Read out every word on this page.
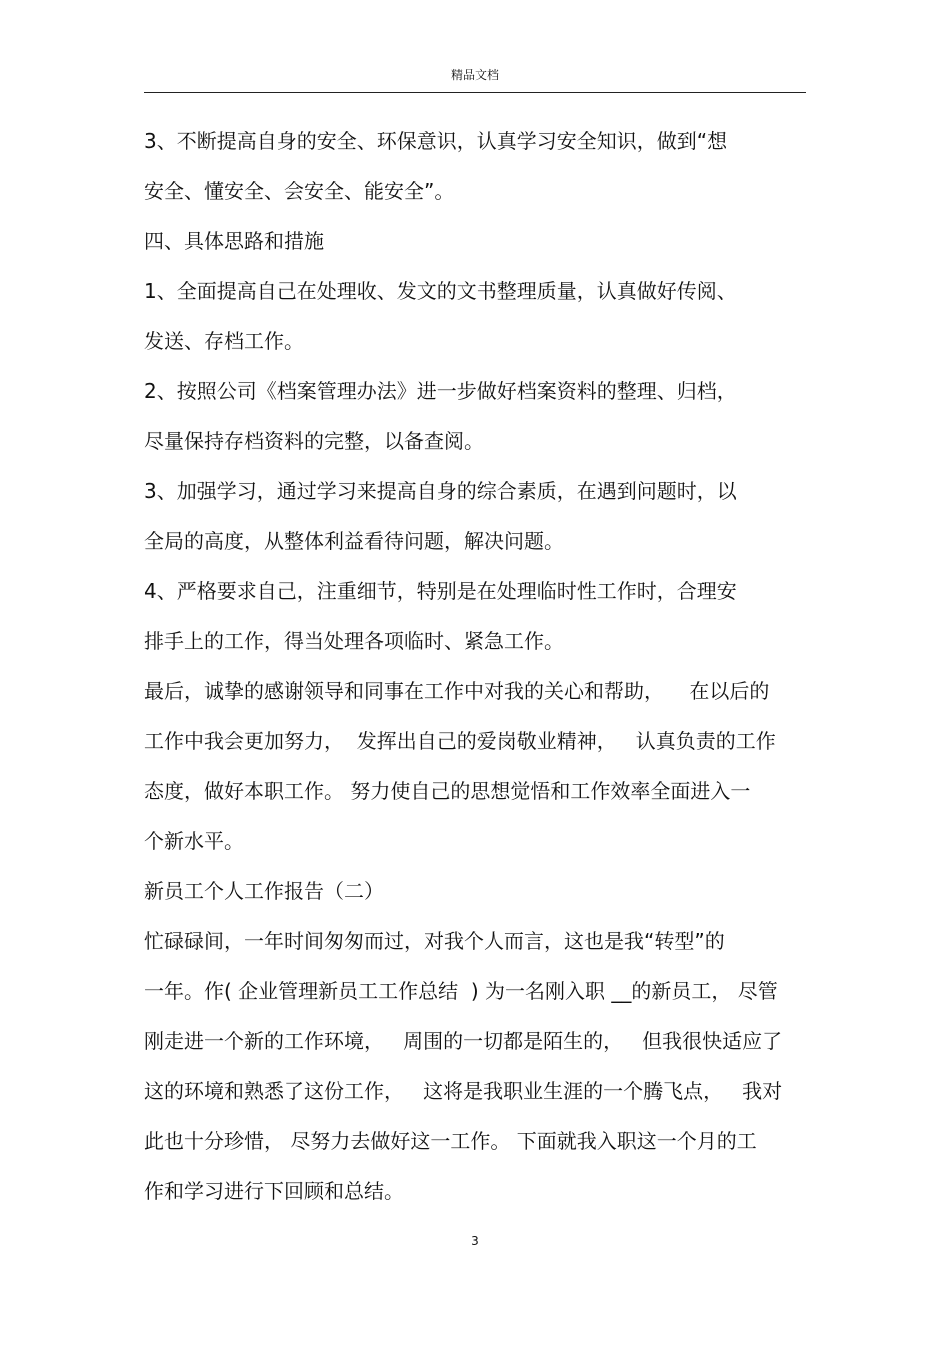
精品文档
3、不断提高自身的安全、环保意识，认真学习安全知识，做到“想
安全、懂安全、会安全、能安全”。
四、具体思路和措施
1、全面提高自己在处理收、发文的文书整理质量，认真做好传阅、
发送、存档工作。
2、按照公司《档案管理办法》进一步做好档案资料的整理、归档，
尽量保持存档资料的完整，以备查阅。
3、加强学习，通过学习来提高自身的综合素质，在遇到问题时，以
全局的高度，从整体利益看待问题，解决问题。
4、严格要求自己，注重细节，特别是在处理临时性工作时，合理安
排手上的工作，得当处理各项临时、紧急工作。
最后，诚挚的感谢领导和同事在工作中对我的关心和帮助，    在以后的
工作中我会更加努力，  发挥出自己的爱岗敬业精神，   认真负责的工作
态度，做好本职工作。 努力使自己的思想觉悟和工作效率全面进入一
个新水平。
新员工个人工作报告（二）
忙碌碌间，一年时间匆匆而过，对我个人而言，这也是我“转型”的
一年。作( 企业管理新员工工作总结  ) 为一名刚入职 __的新员工， 尽管
刚走进一个新的工作环境，   周围的一切都是陌生的，   但我很快适应了
这的环境和熟悉了这份工作，   这将是我职业生涯的一个腾飞点，   我对
此也十分珍惜， 尽努力去做好这一工作。 下面就我入职这一个月的工
作和学习进行下回顾和总结。
3
